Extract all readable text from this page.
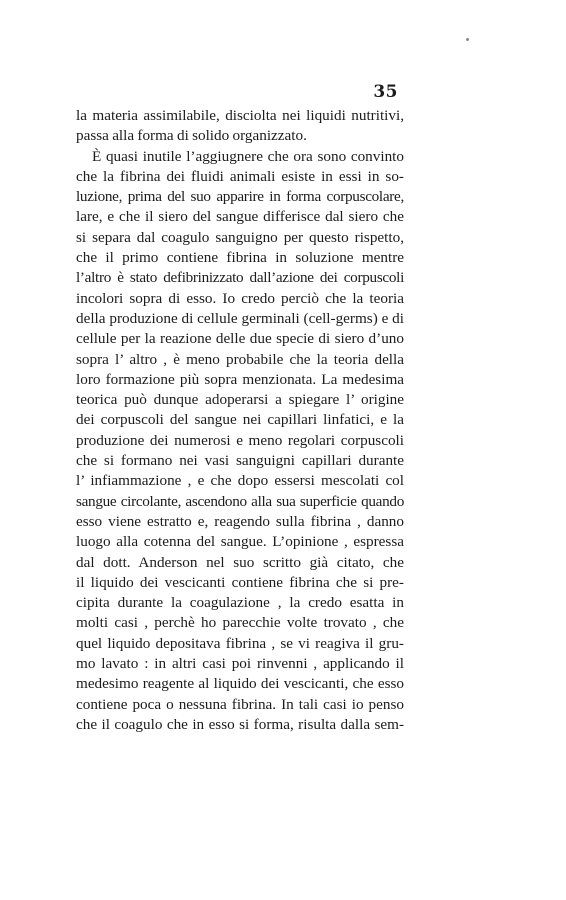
35
la materia assimilabile, disciolta nei liquidi nutritivi,
passa alla forma di solido organizzato.
È quasi inutile l’aggiugnere che ora sono convinto
che la fibrina dei fluidi animali esiste in essi in so-
luzione, prima del suo apparire in forma corpuscolare,
lare, e che il siero del sangue differisce dal siero che
si separa dal coagulo sanguigno per questo rispetto,
che il primo contiene fibrina in soluzione mentre
l’altro è stato defibrinizzato dall’azione dei corpuscoli
incolori sopra di esso. Io credo perciò che la teoria
della produzione di cellule germinali (cell-germs) e di
cellule per la reazione delle due specie di siero d’uno
sopra l’ altro , è meno probabile che la teoria della
loro formazione più sopra menzionata. La medesima
teorica può dunque adoperarsi a spiegare l’ origine
dei corpuscoli del sangue nei capillari linfatici, e la
produzione dei numerosi e meno regolari corpuscoli
che si formano nei vasi sanguigni capillari durante
l’ infiammazione , e che dopo essersi mescolati col
sangue circolante, ascendono alla sua superficie quando
esso viene estratto e, reagendo sulla fibrina , danno
luogo alla cotenna del sangue. L’opinione , espressa
dal dott. Anderson nel suo scritto già citato, che
il liquido dei vescicanti contiene fibrina che si pre-
cipita durante la coagulazione , la credo esatta in
molti casi , perchè ho parecchie volte trovato , che
quel liquido depositava fibrina , se vi reagiva il gru-
mo lavato : in altri casi poi rinvenni , applicando il
medesimo reagente al liquido dei vescicanti, che esso
contiene poca o nessuna fibrina. In tali casi io penso
che il coagulo che in esso si forma, risulta dalla sem-
